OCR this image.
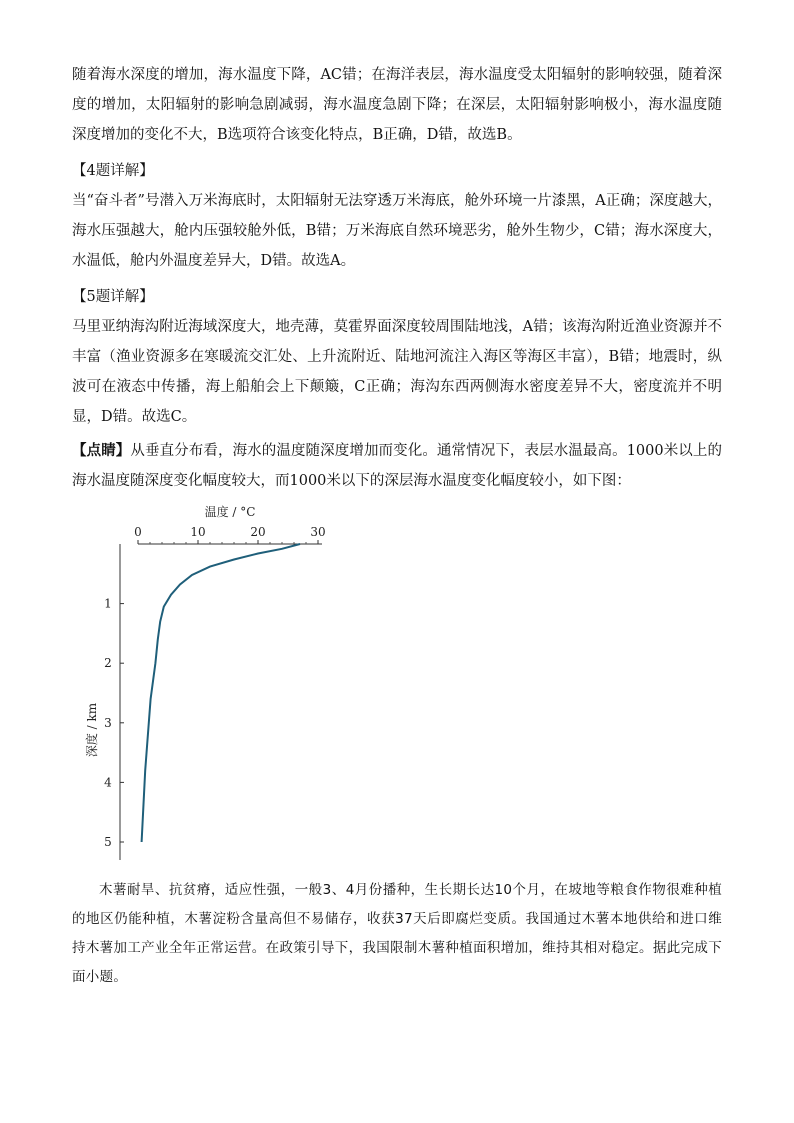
随着海水深度的增加，海水温度下降，AC错；在海洋表层，海水温度受太阳辐射的影响较强，随着深度的增加，太阳辐射的影响急剧减弱，海水温度急剧下降；在深层，太阳辐射影响极小，海水温度随深度增加的变化不大，B选项符合该变化特点，B正确，D错，故选B。

【4题详解】

当“奋斗者”号潜入万米海底时，太阳辐射无法穿透万米海底，舱外环境一片漆黑，A正确；深度越大，海水压强越大，舱内压强较舱外低，B错；万米海底自然环境恶劣，舱外生物少，C错；海水深度大，水温低，舱内外温度差异大，D错。故选A。

【5题详解】

马里亚纳海沟附近海域深度大，地壳薄，莫霍界面深度较周围陆地浅，A错；该海沟附近渔业资源并不丰富（渔业资源多在寒暖流交汇处、上升流附近、陆地河流注入海区等海区丰富），B错；地震时，纵波可在液态中传播，海上船舶会上下颠簸，C正确；海沟东西两侧海水密度差异不大，密度流并不明显，D错。故选C。

【点睛】从垂直分布看，海水的温度随深度增加而变化。通常情况下，表层水温最高。1000米以上的海水温度随深度变化幅度较大，而1000米以下的深层海水温度变化幅度较小，如下图：

温度 / °C
0	10	20	30
1
2
3
4
5
深度 / km

木薯耐旱、抗贫瘠，适应性强，一般3、4月份播种，生长期长达10个月，在坡地等粮食作物很难种植的地区仍能种植，木薯淀粉含量高但不易储存，收获37天后即腐烂变质。我国通过木薯本地供给和进口维持木薯加工产业全年正常运营。在政策引导下，我国限制木薯种植面积增加，维持其相对稳定。据此完成下面小题。
